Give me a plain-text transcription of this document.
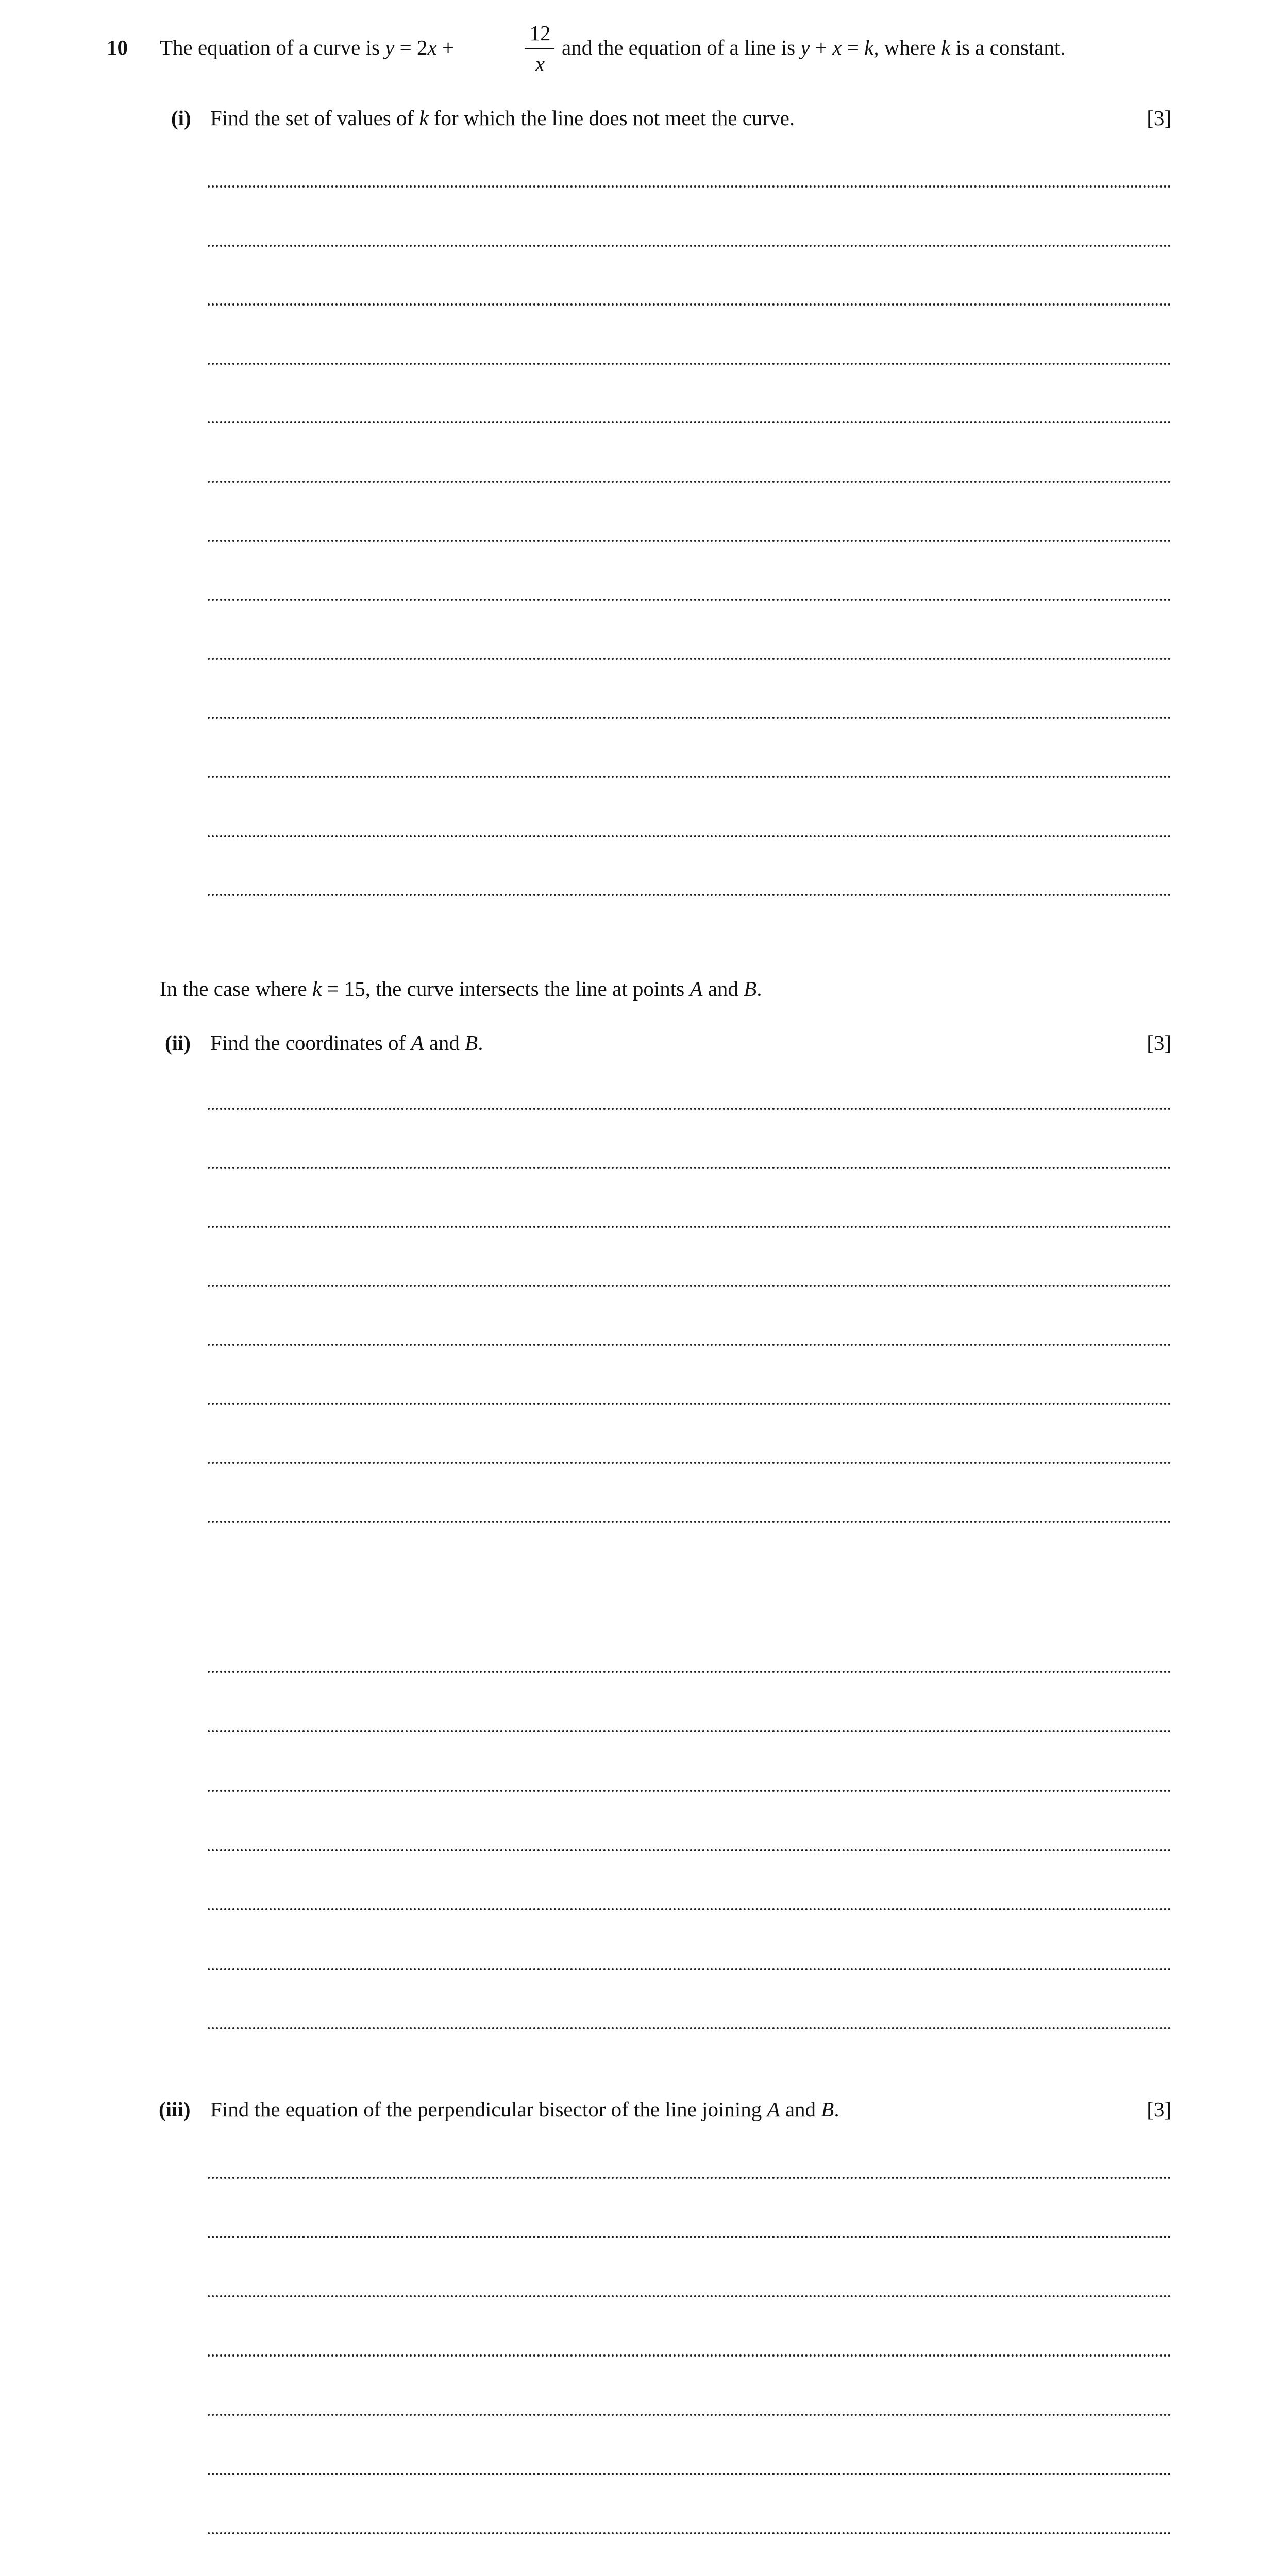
10 The equation of a curve is y = 2x +
12
x
and the equation of a line is y + x = k, where k is a constant.
(i) Find the set of values of k for which the line does not meet the curve.	[3]
In the case where k = 15, the curve intersects the line at points A and B.
(ii) Find the coordinates of A and B.	[3]
(iii) Find the equation of the perpendicular bisector of the line joining A and B.	[3]
